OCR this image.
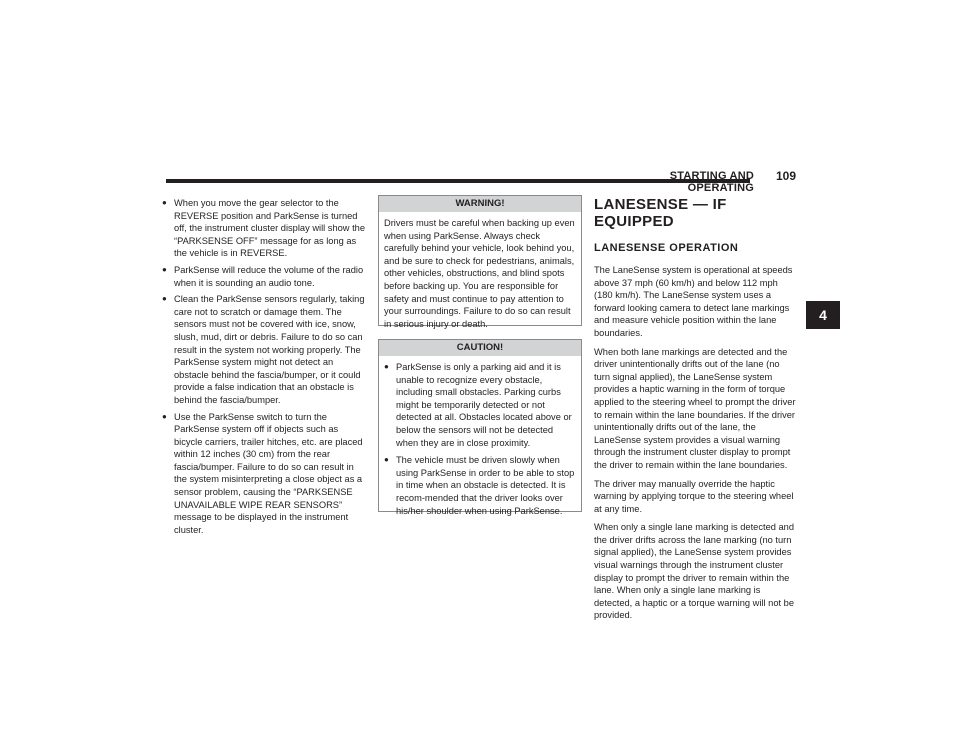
STARTING AND OPERATING
109
4
● When you move the gear selector to the REVERSE position and ParkSense is turned off, the instrument cluster display will show the “PARKSENSE OFF” message for as long as the vehicle is in REVERSE.
● ParkSense will reduce the volume of the radio when it is sounding an audio tone.
● Clean the ParkSense sensors regularly, taking care not to scratch or damage them. The sensors must not be covered with ice, snow, slush, mud, dirt or debris. Failure to do so can result in the system not working properly. The ParkSense system might not detect an obstacle behind the fascia/bumper, or it could provide a false indication that an obstacle is behind the fascia/bumper.
● Use the ParkSense switch to turn the ParkSense system off if objects such as bicycle carriers, trailer hitches, etc. are placed within 12 inches (30 cm) from the rear fascia/bumper. Failure to do so can result in the system misinterpreting a close object as a sensor problem, causing the “PARKSENSE UNAVAILABLE WIPE REAR SENSORS” message to be displayed in the instrument cluster.
WARNING!
Drivers must be careful when backing up even when using ParkSense. Always check carefully behind your vehicle, look behind you, and be sure to check for pedestrians, animals, other vehicles, obstructions, and blind spots before backing up. You are responsible for safety and must continue to pay attention to your surroundings. Failure to do so can result in serious injury or death.
CAUTION!
● ParkSense is only a parking aid and it is unable to recognize every obstacle, including small obstacles. Parking curbs might be temporarily detected or not detected at all. Obstacles located above or below the sensors will not be detected when they are in close proximity.
● The vehicle must be driven slowly when using ParkSense in order to be able to stop in time when an obstacle is detected. It is recom-mended that the driver looks over his/her shoulder when using ParkSense.
LANESENSE — IF EQUIPPED
LANESENSE OPERATION

The LaneSense system is operational at speeds above 37 mph (60 km/h) and below 112 mph (180 km/h). The LaneSense system uses a forward looking camera to detect lane markings and measure vehicle position within the lane boundaries.

When both lane markings are detected and the driver unintentionally drifts out of the lane (no turn signal applied), the LaneSense system provides a haptic warning in the form of torque applied to the steering wheel to prompt the driver to remain within the lane boundaries. If the driver unintentionally drifts out of the lane, the LaneSense system provides a visual warning through the instrument cluster display to prompt the driver to remain within the lane boundaries.

The driver may manually override the haptic warning by applying torque to the steering wheel at any time.

When only a single lane marking is detected and the driver drifts across the lane marking (no turn signal applied), the LaneSense system provides visual warnings through the instrument cluster display to prompt the driver to remain within the lane. When only a single lane marking is detected, a haptic or a torque warning will not be provided.
